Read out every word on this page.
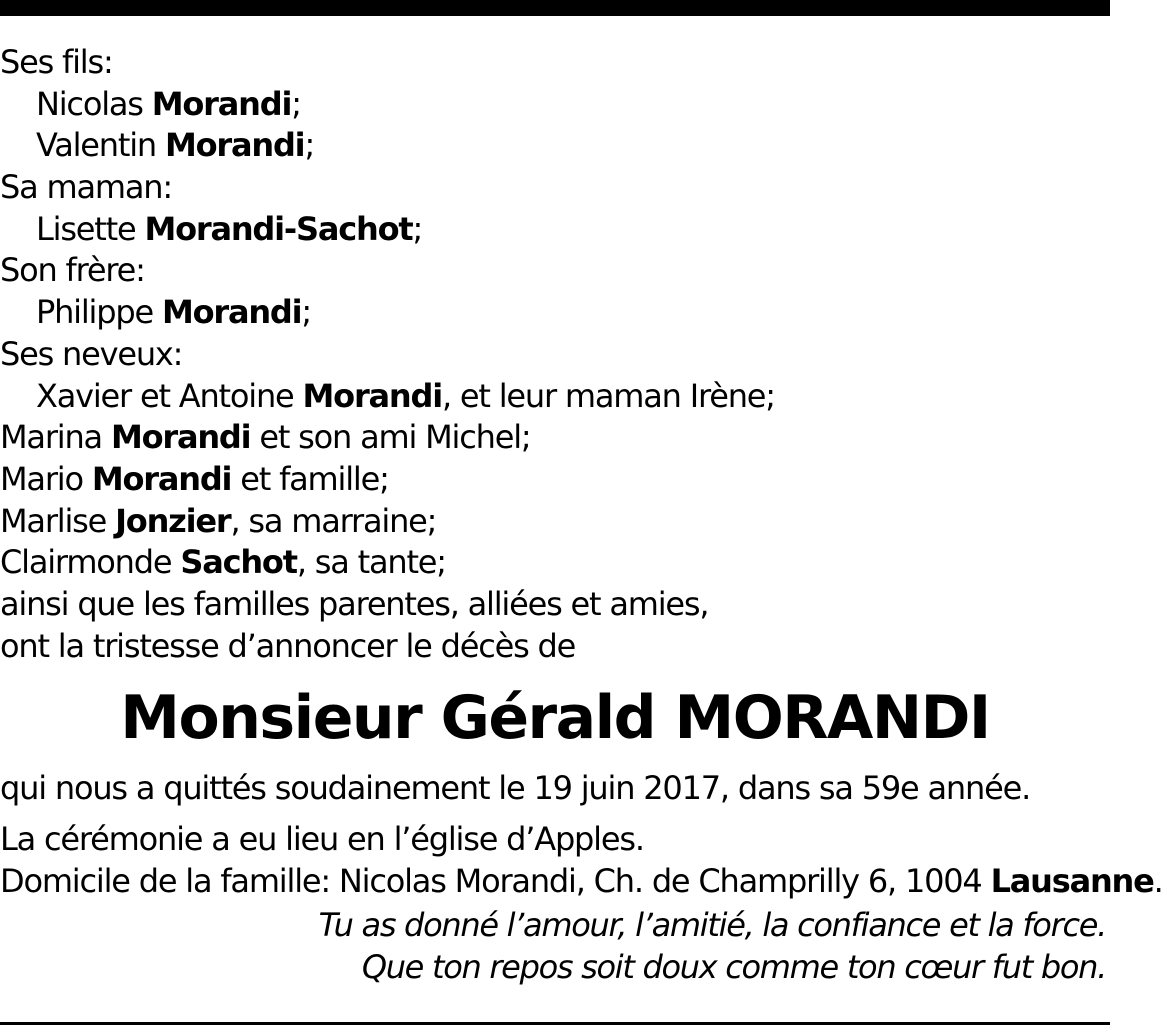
Ses fils:
Nicolas Morandi;
Valentin Morandi;
Sa maman:
Lisette Morandi-Sachot;
Son frère:
Philippe Morandi;
Ses neveux:
Xavier et Antoine Morandi, et leur maman Irène;
Marina Morandi et son ami Michel;
Mario Morandi et famille;
Marlise Jonzier, sa marraine;
Clairmonde Sachot, sa tante;
ainsi que les familles parentes, alliées et amies,
ont la tristesse d’annoncer le décès de
Monsieur Gérald MORANDI
qui nous a quittés soudainement le 19 juin 2017, dans sa 59e année.
La cérémonie a eu lieu en l’église d’Apples.
Domicile de la famille: Nicolas Morandi, Ch. de Champrilly 6, 1004 Lausanne.
Tu as donné l’amour, l’amitié, la confiance et la force.
Que ton repos soit doux comme ton cœur fut bon.
